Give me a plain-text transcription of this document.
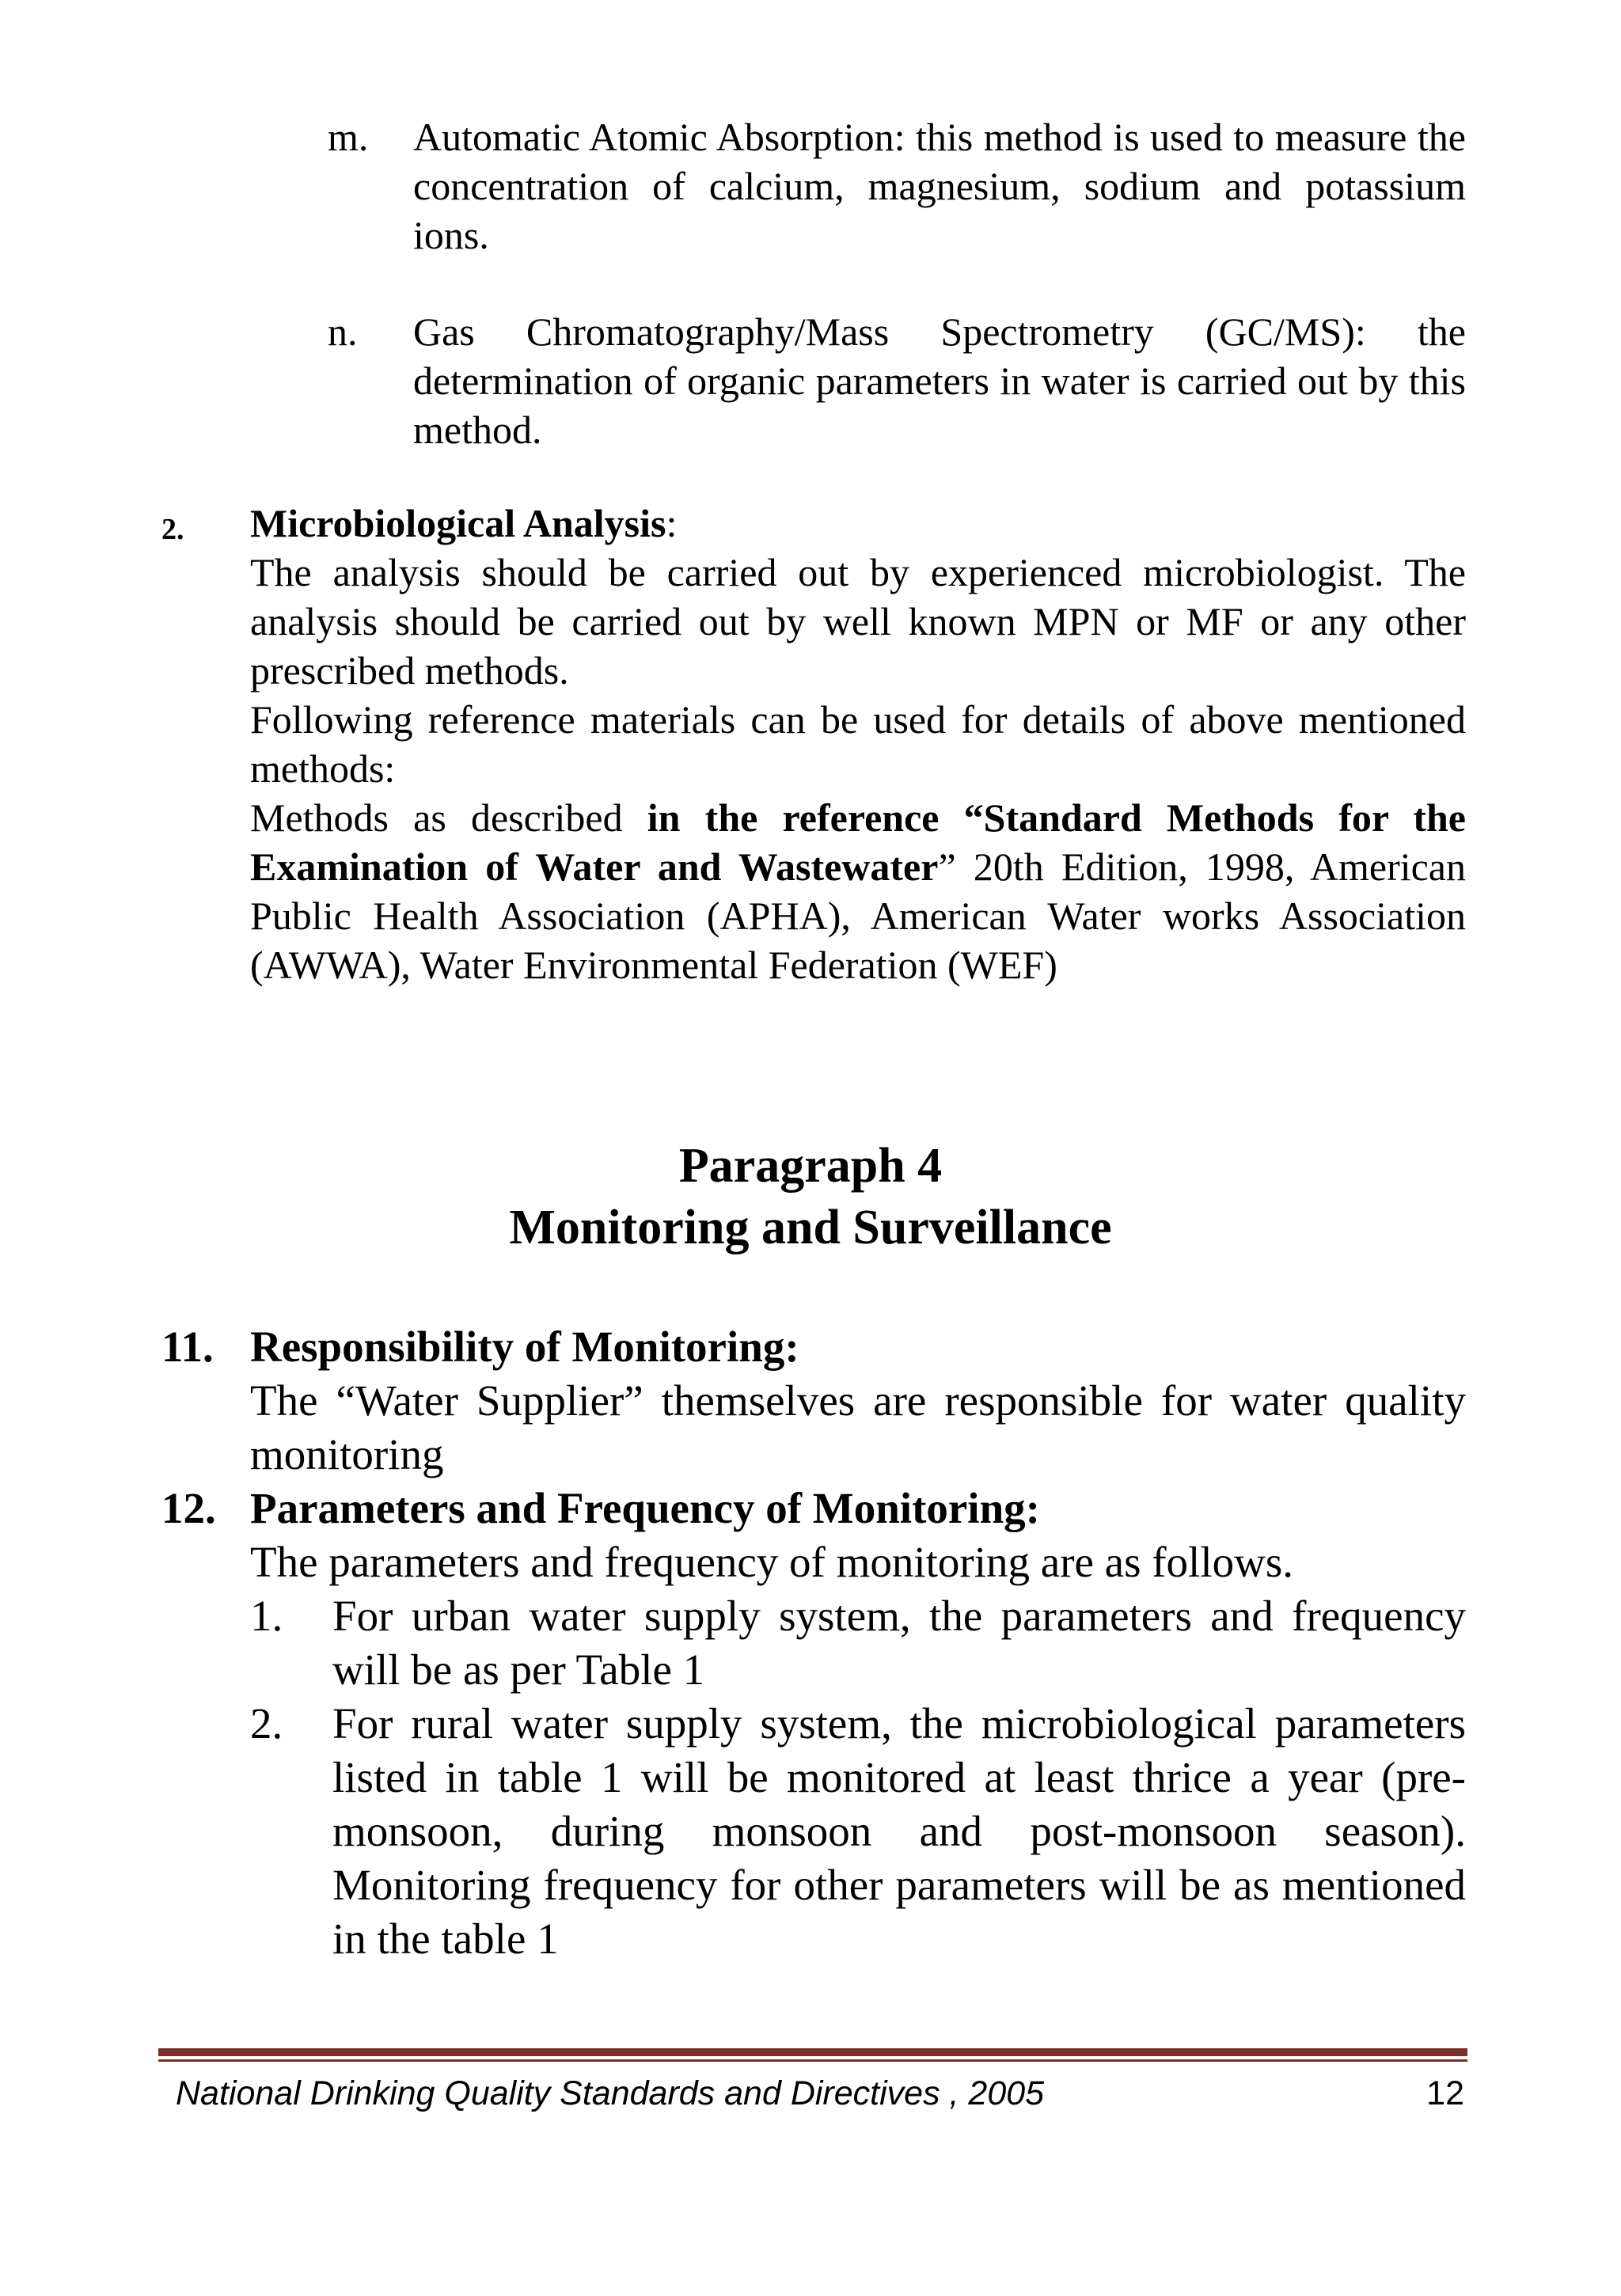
m. Automatic Atomic Absorption: this method is used to measure the concentration of calcium, magnesium, sodium and potassium ions.
n. Gas Chromatography/Mass Spectrometry (GC/MS): the determination of organic parameters in water is carried out by this method.
2. Microbiological Analysis:

The analysis should be carried out by experienced microbiologist. The analysis should be carried out by well known MPN or MF or any other prescribed methods.

Following reference materials can be used for details of above mentioned methods:

Methods as described in the reference “Standard Methods for the Examination of Water and Wastewater” 20th Edition, 1998, American Public Health Association (APHA), American Water works Association (AWWA), Water Environmental Federation (WEF)

Paragraph 4
Monitoring and Surveillance
11. Responsibility of Monitoring:

The “Water Supplier” themselves are responsible for water quality monitoring

12. Parameters and Frequency of Monitoring:

The parameters and frequency of monitoring are as follows.

1. For urban water supply system, the parameters and frequency will be as per Table 1

2. For rural water supply system, the microbiological parameters listed in table 1 will be monitored at least thrice a year (pre-monsoon, during monsoon and post-monsoon season). Monitoring frequency for other parameters will be as mentioned in the table 1

National Drinking Quality Standards and Directives , 2005	12
